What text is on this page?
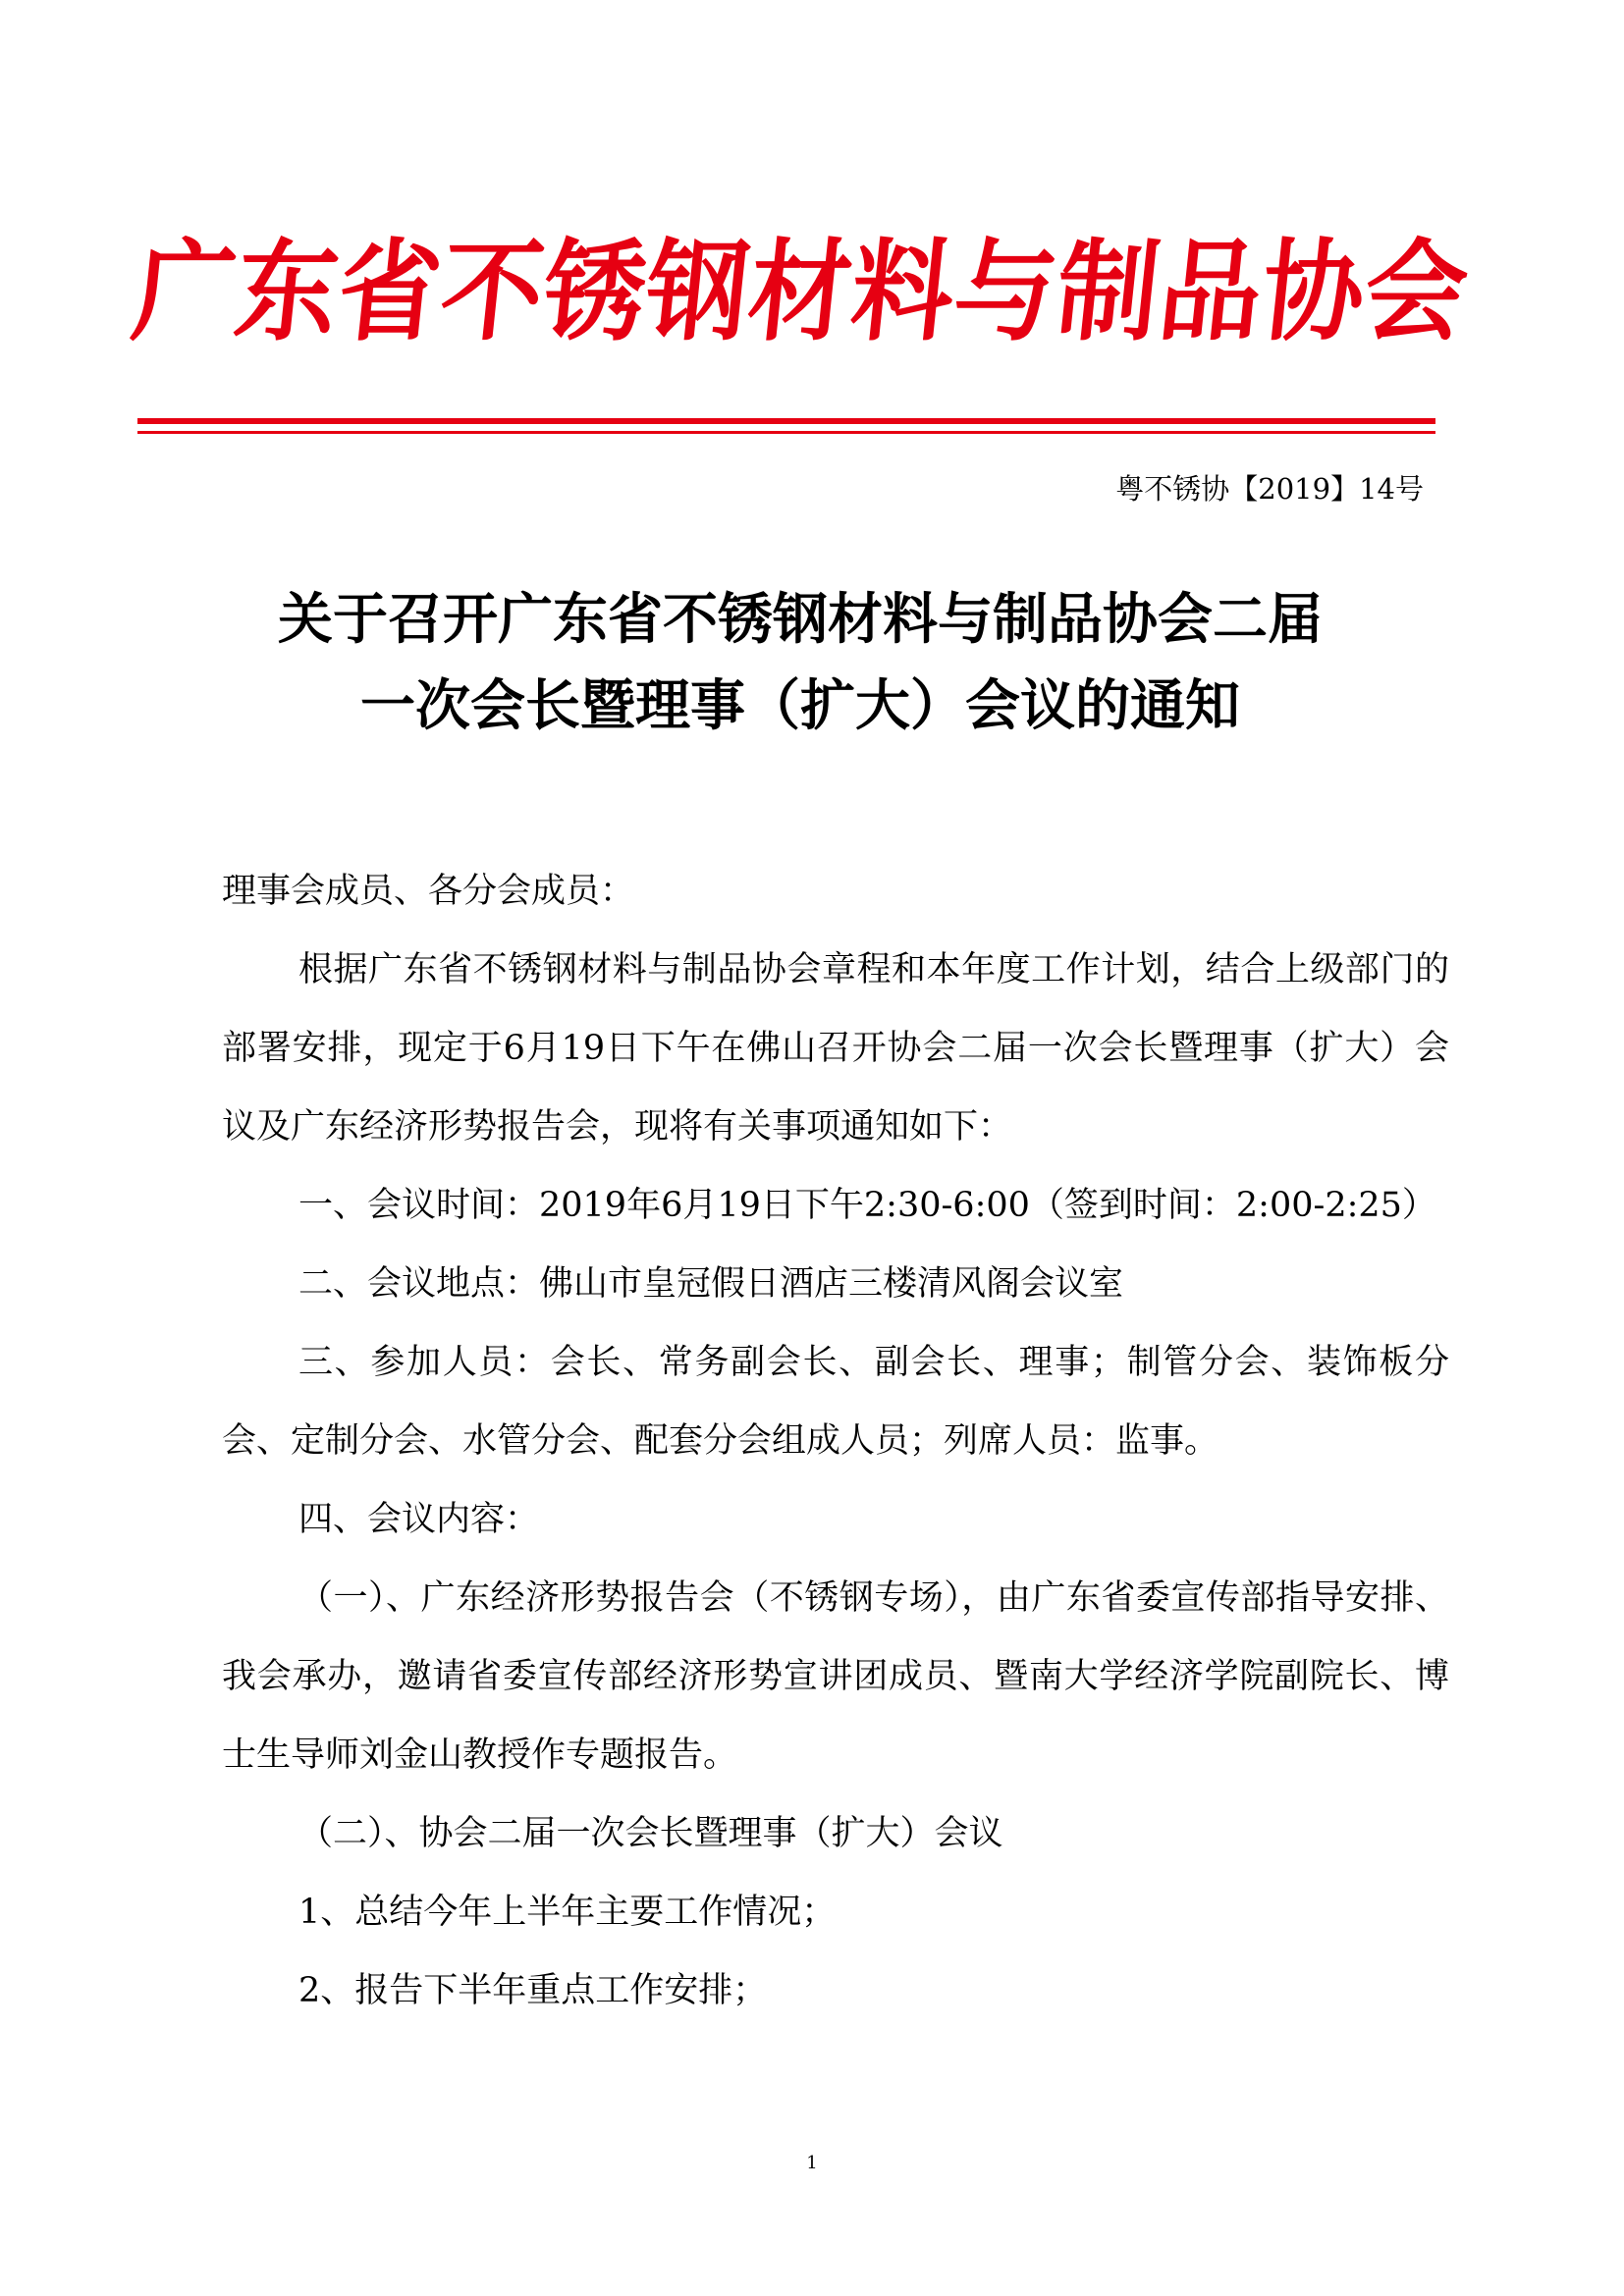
广东省不锈钢材料与制品协会
粤不锈协【2019】14号
关于召开广东省不锈钢材料与制品协会二届
一次会长暨理事（扩大）会议的通知

理事会成员、各分会成员：

根据广东省不锈钢材料与制品协会章程和本年度工作计划，结合上级部门的部署安排，现定于6月19日下午在佛山召开协会二届一次会长暨理事（扩大）会议及广东经济形势报告会，现将有关事项通知如下：

一、会议时间：2019年6月19日下午2:30-6:00（签到时间：2:00-2:25）

二、会议地点：佛山市皇冠假日酒店三楼清风阁会议室

三、参加人员：会长、常务副会长、副会长、理事；制管分会、装饰板分会、定制分会、水管分会、配套分会组成人员；列席人员：监事。

四、会议内容：

（一）、广东经济形势报告会（不锈钢专场），由广东省委宣传部指导安排、我会承办，邀请省委宣传部经济形势宣讲团成员、暨南大学经济学院副院长、博士生导师刘金山教授作专题报告。

（二）、协会二届一次会长暨理事（扩大）会议

1、总结今年上半年主要工作情况；

2、报告下半年重点工作安排；

1
